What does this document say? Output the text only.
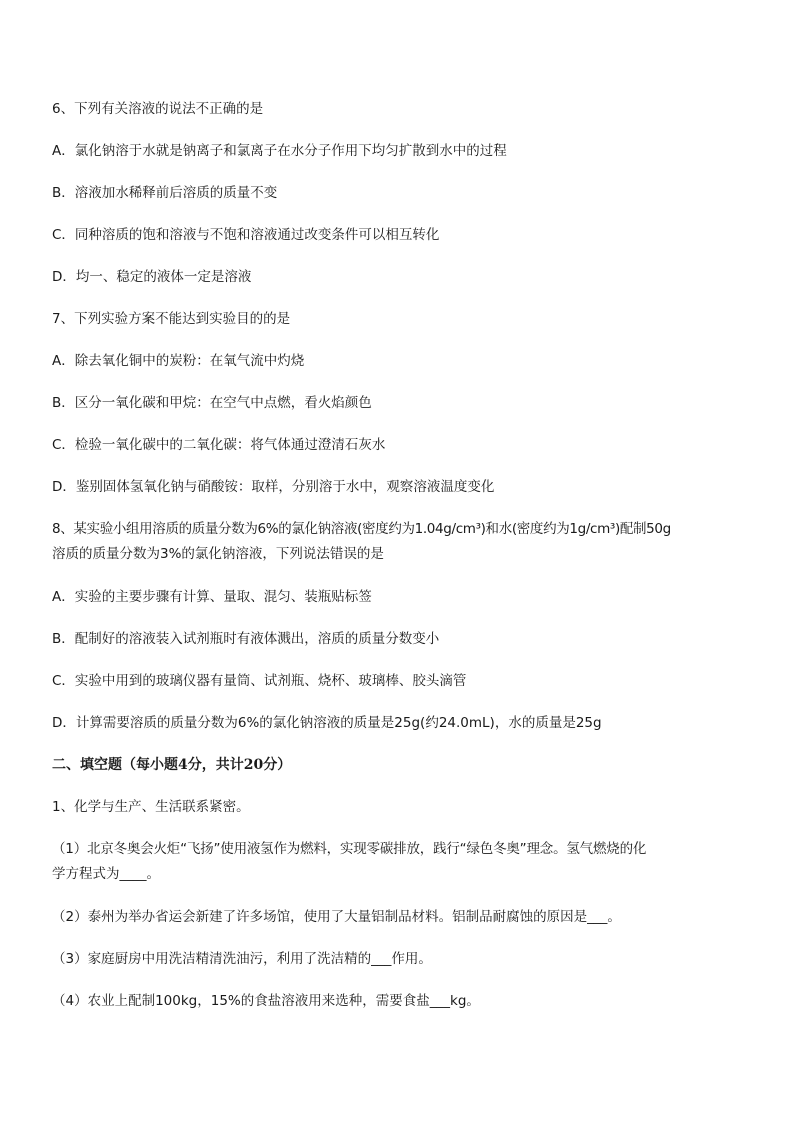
6、下列有关溶液的说法不正确的是
A．氯化钠溶于水就是钠离子和氯离子在水分子作用下均匀扩散到水中的过程
B．溶液加水稀释前后溶质的质量不变
C．同种溶质的饱和溶液与不饱和溶液通过改变条件可以相互转化
D．均一、稳定的液体一定是溶液
7、下列实验方案不能达到实验目的的是
A．除去氧化铜中的炭粉：在氧气流中灼烧
B．区分一氧化碳和甲烷：在空气中点燃，看火焰颜色
C．检验一氧化碳中的二氧化碳：将气体通过澄清石灰水
D．鉴别固体氢氧化钠与硝酸铵：取样，分别溶于水中，观察溶液温度变化
8、某实验小组用溶质的质量分数为6%的氯化钠溶液(密度约为1.04g/cm³)和水(密度约为1g/cm³)配制50g
溶质的质量分数为3%的氯化钠溶液，下列说法错误的是
A．实验的主要步骤有计算、量取、混匀、装瓶贴标签
B．配制好的溶液装入试剂瓶时有液体溅出，溶质的质量分数变小
C．实验中用到的玻璃仪器有量筒、试剂瓶、烧杯、玻璃棒、胶头滴管
D．计算需要溶质的质量分数为6%的氯化钠溶液的质量是25g(约24.0mL)，水的质量是25g
二、填空题（每小题4分，共计20分）
1、化学与生产、生活联系紧密。
（1）北京冬奥会火炬“飞扬”使用液氢作为燃料，实现零碳排放，践行“绿色冬奥”理念。氢气燃烧的化
学方程式为____。
（2）泰州为举办省运会新建了许多场馆，使用了大量铝制品材料。铝制品耐腐蚀的原因是___。
（3）家庭厨房中用洗洁精清洗油污，利用了洗洁精的___作用。
（4）农业上配制100kg，15%的食盐溶液用来选种，需要食盐___kg。
